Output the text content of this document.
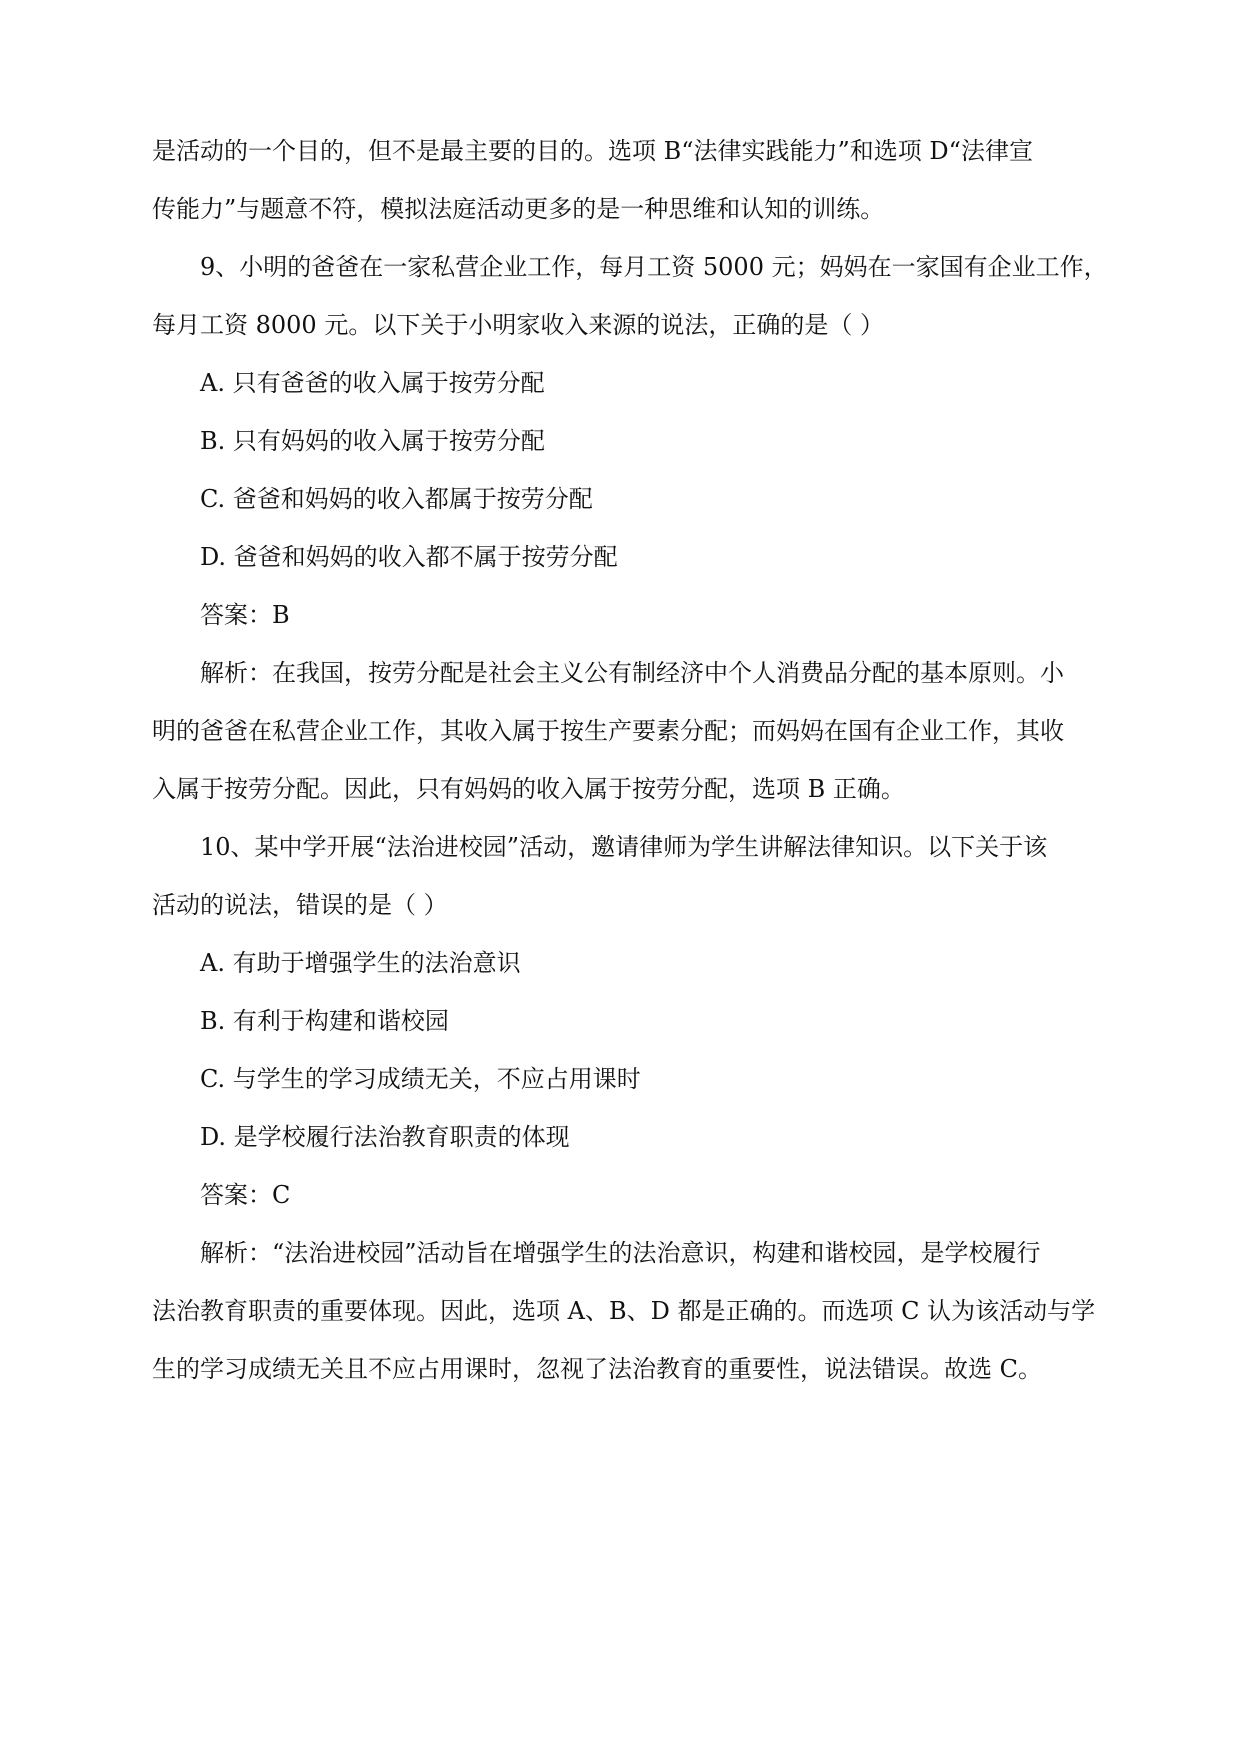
是活动的一个目的，但不是最主要的目的。选项 B“法律实践能力”和选项 D“法律宣
传能力”与题意不符，模拟法庭活动更多的是一种思维和认知的训练。
9、小明的爸爸在一家私营企业工作，每月工资 5000 元；妈妈在一家国有企业工作，
每月工资 8000 元。以下关于小明家收入来源的说法，正确的是（ ）
A. 只有爸爸的收入属于按劳分配
B. 只有妈妈的收入属于按劳分配
C. 爸爸和妈妈的收入都属于按劳分配
D. 爸爸和妈妈的收入都不属于按劳分配
答案：B
解析：在我国，按劳分配是社会主义公有制经济中个人消费品分配的基本原则。小
明的爸爸在私营企业工作，其收入属于按生产要素分配；而妈妈在国有企业工作，其收
入属于按劳分配。因此，只有妈妈的收入属于按劳分配，选项 B 正确。
10、某中学开展“法治进校园”活动，邀请律师为学生讲解法律知识。以下关于该
活动的说法，错误的是（ ）
A. 有助于增强学生的法治意识
B. 有利于构建和谐校园
C. 与学生的学习成绩无关，不应占用课时
D. 是学校履行法治教育职责的体现
答案：C
解析：“法治进校园”活动旨在增强学生的法治意识，构建和谐校园，是学校履行
法治教育职责的重要体现。因此，选项 A、B、D 都是正确的。而选项 C 认为该活动与学
生的学习成绩无关且不应占用课时，忽视了法治教育的重要性，说法错误。故选 C。
